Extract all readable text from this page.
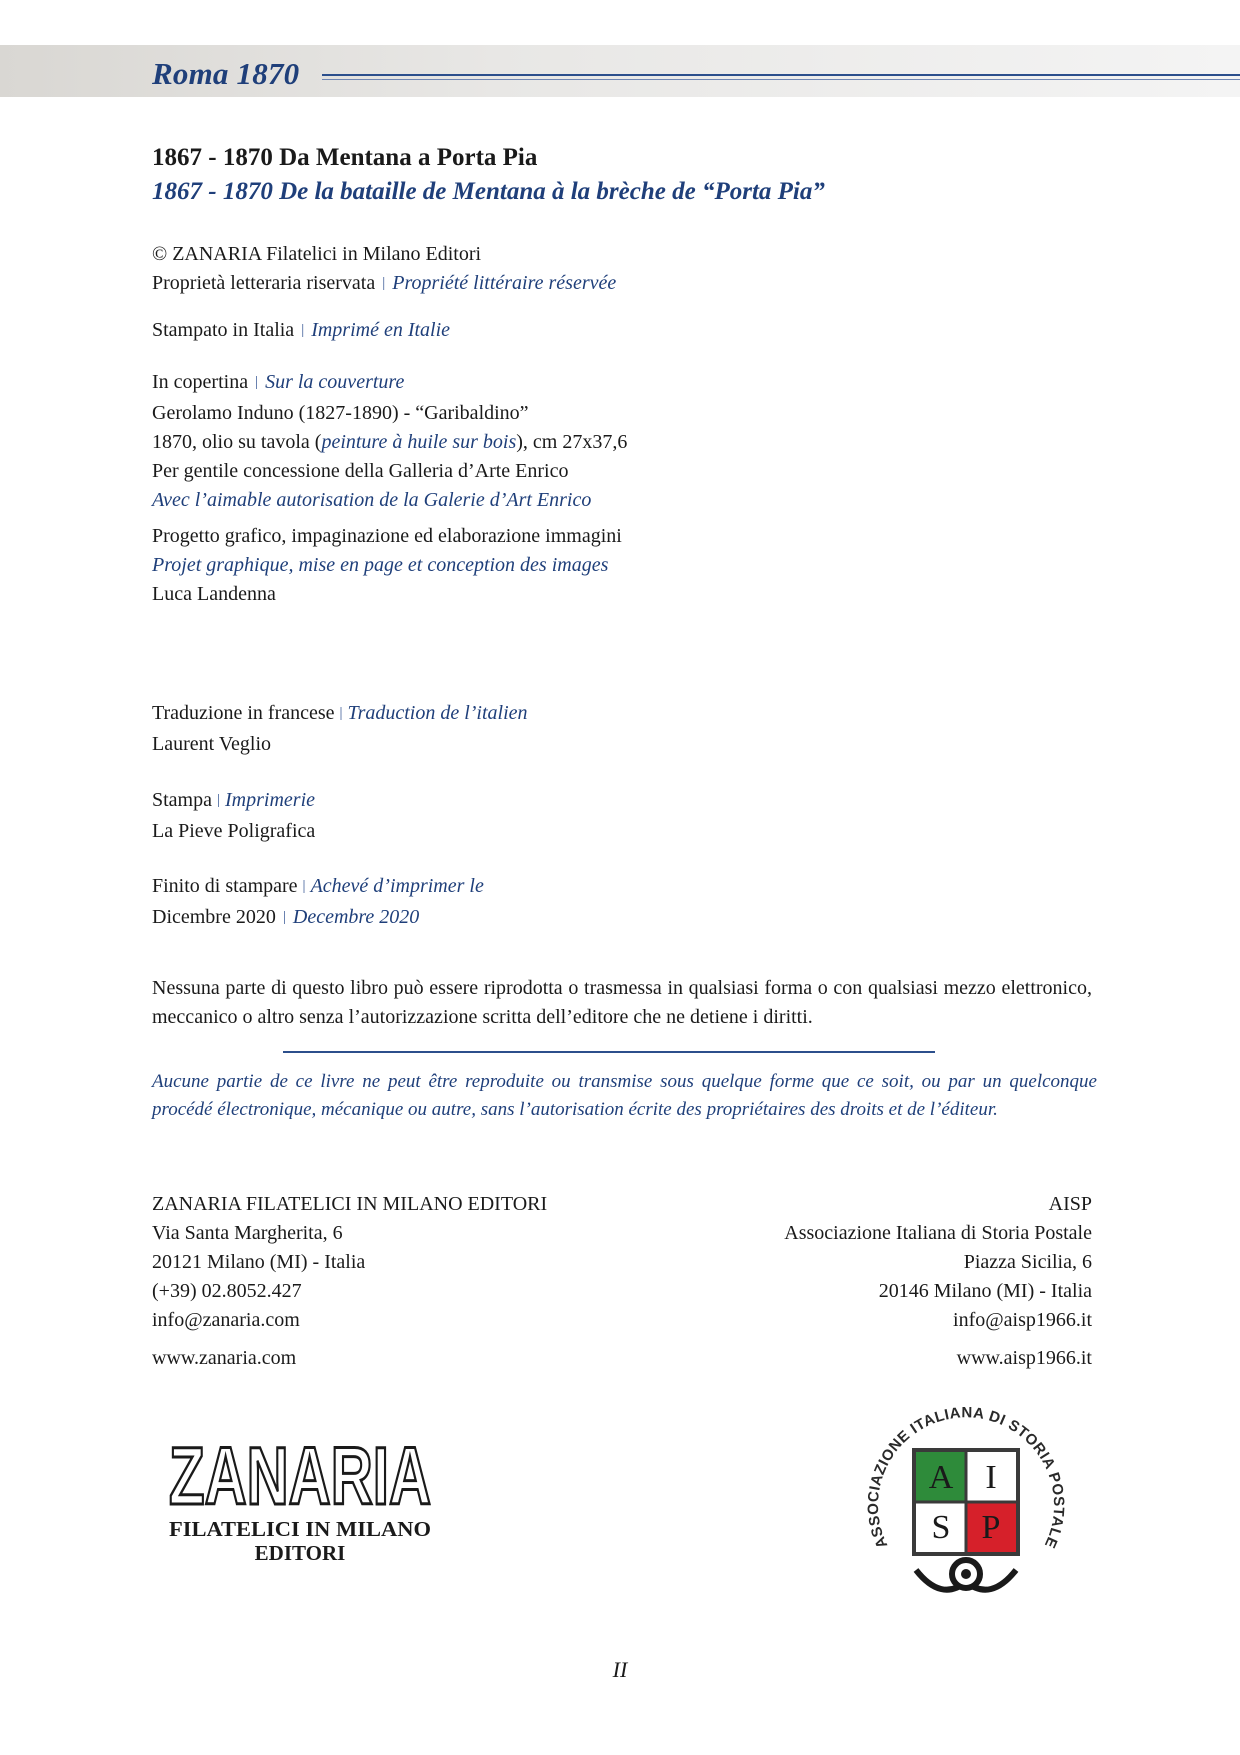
Roma 1870
1867 - 1870 Da Mentana a Porta Pia
1867 - 1870 De la bataille de Mentana à la brèche de “Porta Pia”
© ZANARIA Filatelici in Milano Editori
Proprietà letteraria riservata | Propriété littéraire réservée
Stampato in Italia | Imprimé en Italie
In copertina | Sur la couverture
Gerolamo Induno (1827-1890) - “Garibaldino”
1870, olio su tavola (peinture à huile sur bois), cm 27x37,6
Per gentile concessione della Galleria d’Arte Enrico
Avec l’aimable autorisation de la Galerie d’Art Enrico
Progetto grafico, impaginazione ed elaborazione immagini
Projet graphique, mise en page et conception des images
Luca Landenna
Traduzione in francese | Traduction de l’italien
Laurent Veglio
Stampa | Imprimerie
La Pieve Poligrafica
Finito di stampare | Achevé d’imprimer le
Dicembre 2020 | Decembre 2020
Nessuna parte di questo libro può essere riprodotta o trasmessa in qualsiasi forma o con qualsiasi mezzo elettronico, meccanico o altro senza l’autorizzazione scritta dell’editore che ne detiene i diritti.
Aucune partie de ce livre ne peut être reproduite ou transmise sous quelque forme que ce soit, ou par un quelconque procédé électronique, mécanique ou autre, sans l’autorisation écrite des propriétaires des droits et de l’éditeur.
ZANARIA FILATELICI IN MILANO EDITORI
Via Santa Margherita, 6
20121 Milano (MI) - Italia
(+39) 02.8052.427
info@zanaria.com
www.zanaria.com
AISP
Associazione Italiana di Storia Postale
Piazza Sicilia, 6
20146 Milano (MI) - Italia
info@aisp1966.it
www.aisp1966.it
ZANARIA
FILATELICI IN MILANO
EDITORI	ASSOCIAZIONE ITALIANA DI STORIA POSTALE
A I
S P
II
